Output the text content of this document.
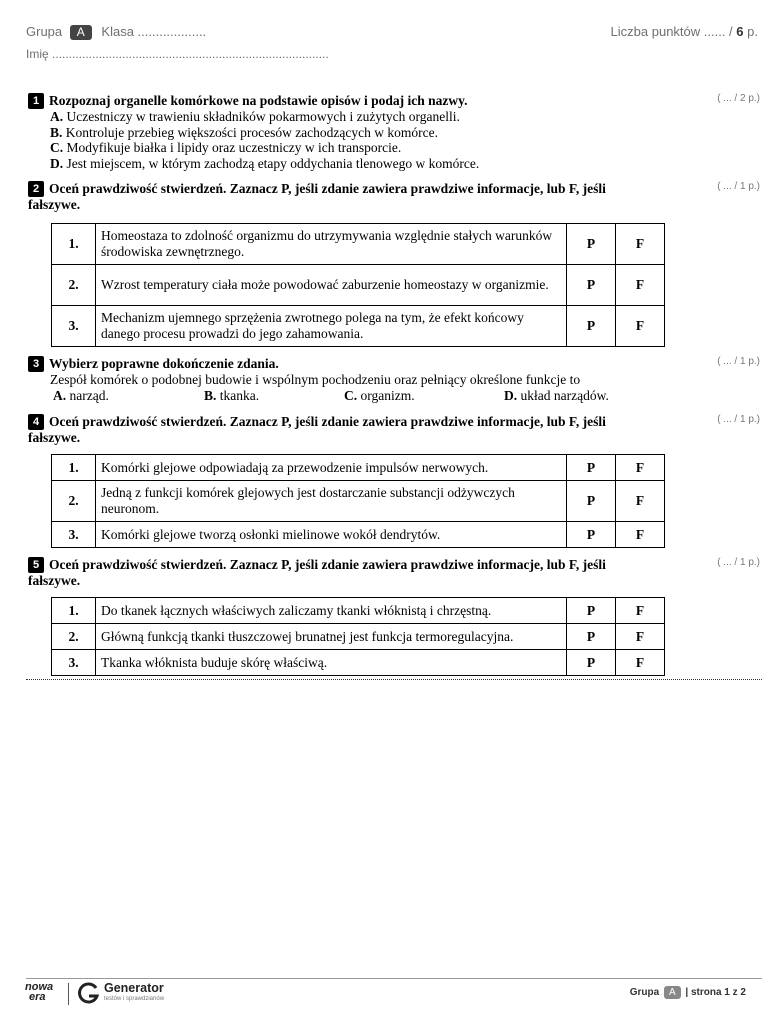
Grupa A Klasa ...................	Liczba punktów ...... / 6 p.
Imię ...................................................................................
1 Rozpoznaj organelle komórkowe na podstawie opisów i podaj ich nazwy.	( ... / 2 p.)
A. Uczestniczy w trawieniu składników pokarmowych i zużytych organelli.
B. Kontroluje przebieg większości procesów zachodzących w komórce.
C. Modyfikuje białka i lipidy oraz uczestniczy w ich transporcie.
D. Jest miejscem, w którym zachodzą etapy oddychania tlenowego w komórce.
2 Oceń prawdziwość stwierdzeń. Zaznacz P, jeśli zdanie zawiera prawdziwe informacje, lub F, jeśli fałszywe.
( ... / 1 p.)
1.	Homeostaza to zdolność organizmu do utrzymywania względnie stałych warunków środowiska zewnętrznego.	P	F
2.	Wzrost temperatury ciała może powodować zaburzenie homeostazy w organizmie.	P	F
3.	Mechanizm ujemnego sprzężenia zwrotnego polega na tym, że efekt końcowy danego procesu prowadzi do jego zahamowania.	P	F
3 Wybierz poprawne dokończenie zdania.	( ... / 1 p.)
Zespół komórek o podobnej budowie i wspólnym pochodzeniu oraz pełniący określone funkcje to
A. narząd.	B. tkanka.	C. organizm.	D. układ narządów.
4 Oceń prawdziwość stwierdzeń. Zaznacz P, jeśli zdanie zawiera prawdziwe informacje, lub F, jeśli fałszywe.
( ... / 1 p.)
1.	Komórki glejowe odpowiadają za przewodzenie impulsów nerwowych.	P	F
2.	Jedną z funkcji komórek glejowych jest dostarczanie substancji odżywczych neuronom.	P	F
3.	Komórki glejowe tworzą osłonki mielinowe wokół dendrytów.	P	F
5 Oceń prawdziwość stwierdzeń. Zaznacz P, jeśli zdanie zawiera prawdziwe informacje, lub F, jeśli fałszywe.
( ... / 1 p.)
1.	Do tkanek łącznych właściwych zaliczamy tkanki włóknistą i chrzęstną.	P	F
2.	Główną funkcją tkanki tłuszczowej brunatnej jest funkcja termoregulacyjna.	P	F
3.	Tkanka włóknista buduje skórę właściwą.	P	F
nowa
era
Generator
testów i sprawdzianów
Grupa A | strona 1 z 2
